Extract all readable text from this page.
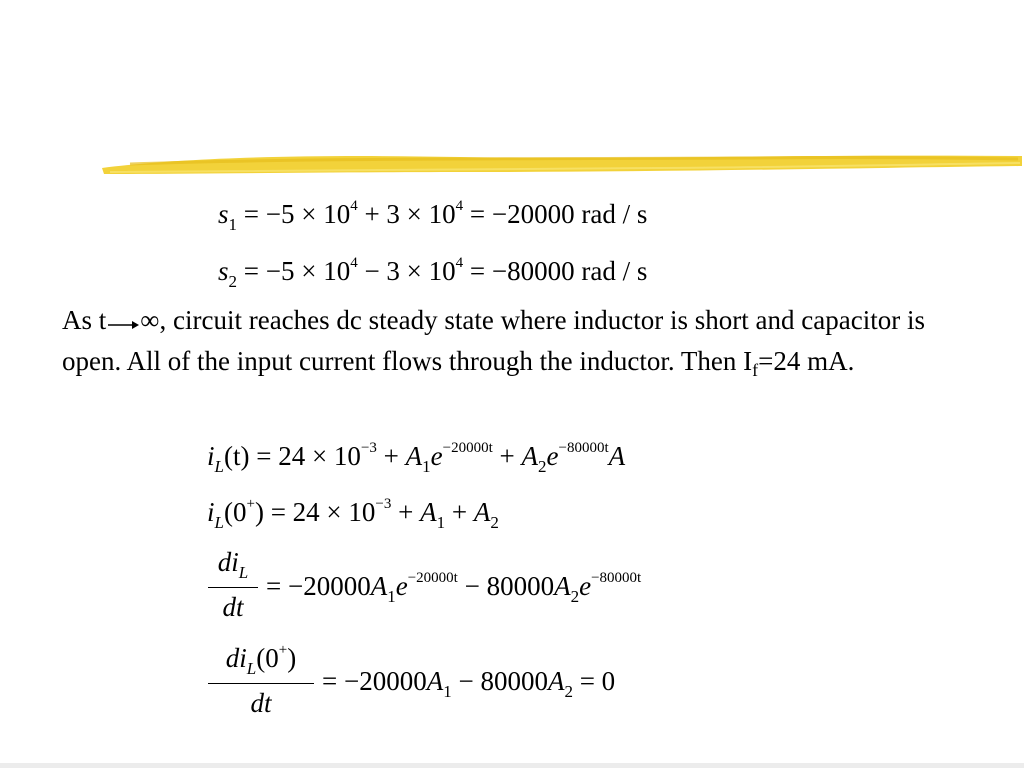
$s_1 = -5 \times 10^4 + 3 \times 10^4 = -20000$ rad / s
$s_2 = -5 \times 10^4 - 3 \times 10^4 = -80000$ rad / s
As t ∞, circuit reaches dc steady state where inductor is short and capacitor is open. All of the input current flows through the inductor. Then $I_f=24$ mA.
$i_L(t) = 24 \times 10^{-3} + A_1e^{-20000t} + A_2e^{-80000t}A$
$i_L(0^+) = 24 \times 10^{-3} + A_1 + A_2$
$di_L$
dt
= $-20000A_1e^{-20000t} - 80000A_2e^{-80000t}$
$di_L(0^+)$
dt
= $-20000A_1 - 80000A_2 = 0$
